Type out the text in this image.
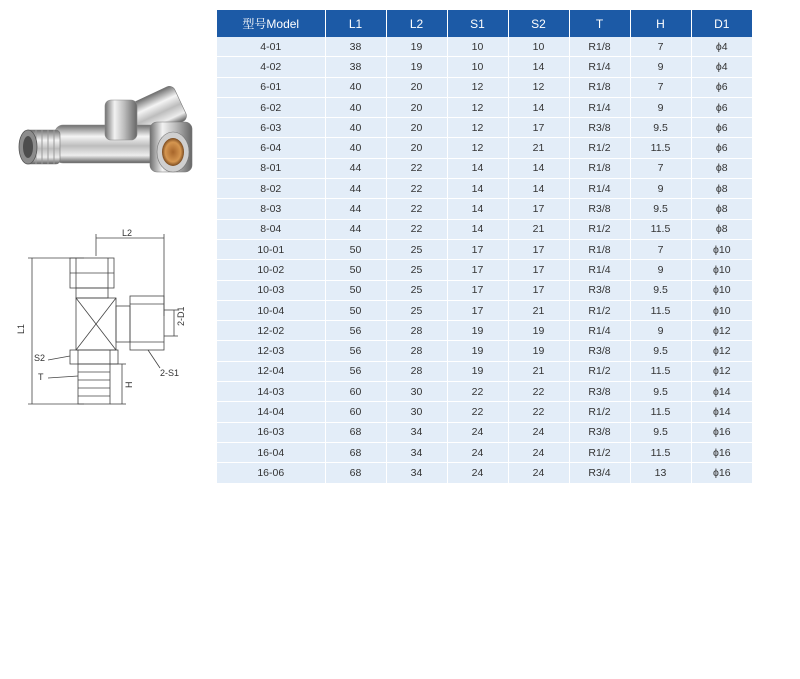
L2
L1
2-D1
S2
2-S1
T
H
型号Model	L1	L2	S1	S2	T	H	D1
4-01	38	19	10	10	R1/8	7	ϕ4
4-02	38	19	10	14	R1/4	9	ϕ4
6-01	40	20	12	12	R1/8	7	ϕ6
6-02	40	20	12	14	R1/4	9	ϕ6
6-03	40	20	12	17	R3/8	9.5	ϕ6
6-04	40	20	12	21	R1/2	11.5	ϕ6
8-01	44	22	14	14	R1/8	7	ϕ8
8-02	44	22	14	14	R1/4	9	ϕ8
8-03	44	22	14	17	R3/8	9.5	ϕ8
8-04	44	22	14	21	R1/2	11.5	ϕ8
10-01	50	25	17	17	R1/8	7	ϕ10
10-02	50	25	17	17	R1/4	9	ϕ10
10-03	50	25	17	17	R3/8	9.5	ϕ10
10-04	50	25	17	21	R1/2	11.5	ϕ10
12-02	56	28	19	19	R1/4	9	ϕ12
12-03	56	28	19	19	R3/8	9.5	ϕ12
12-04	56	28	19	21	R1/2	11.5	ϕ12
14-03	60	30	22	22	R3/8	9.5	ϕ14
14-04	60	30	22	22	R1/2	11.5	ϕ14
16-03	68	34	24	24	R3/8	9.5	ϕ16
16-04	68	34	24	24	R1/2	11.5	ϕ16
16-06	68	34	24	24	R3/4	13	ϕ16
